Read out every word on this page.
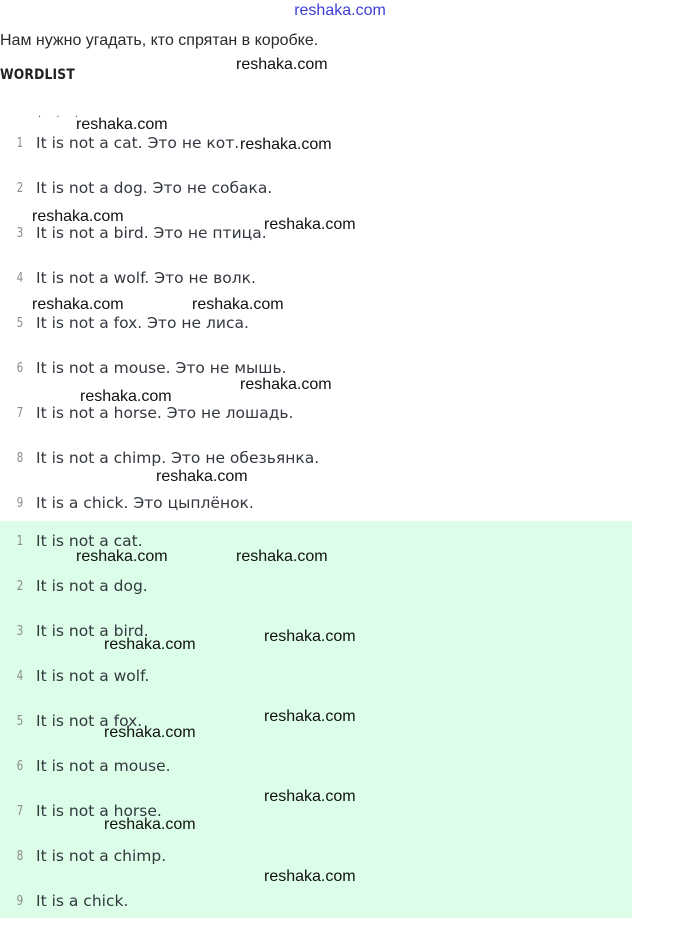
reshaka.com
Нам нужно угадать, кто спрятан в коробке.
WORDLIST
· · ·
1 It is not a cat. Это не кот.
2 It is not a dog. Это не собака.
3 It is not a bird. Это не птица.
4 It is not a wolf. Это не волк.
5 It is not a fox. Это не лиса.
6 It is not a mouse. Это не мышь.
7 It is not a horse. Это не лошадь.
8 It is not a chimp. Это не обезьянка.
9 It is a chick. Это цыплёнок.
1 It is not a cat.
2 It is not a dog.
3 It is not a bird.
4 It is not a wolf.
5 It is not a fox.
6 It is not a mouse.
7 It is not a horse.
8 It is not a chimp.
9 It is a chick.
reshaka.com
reshaka.com
reshaka.com
reshaka.com	reshaka.com
reshaka.com	reshaka.com
reshaka.com
reshaka.com
reshaka.com
reshaka.com	reshaka.com
reshaka.com
reshaka.com
reshaka.com
reshaka.com
reshaka.com
reshaka.com
reshaka.com
